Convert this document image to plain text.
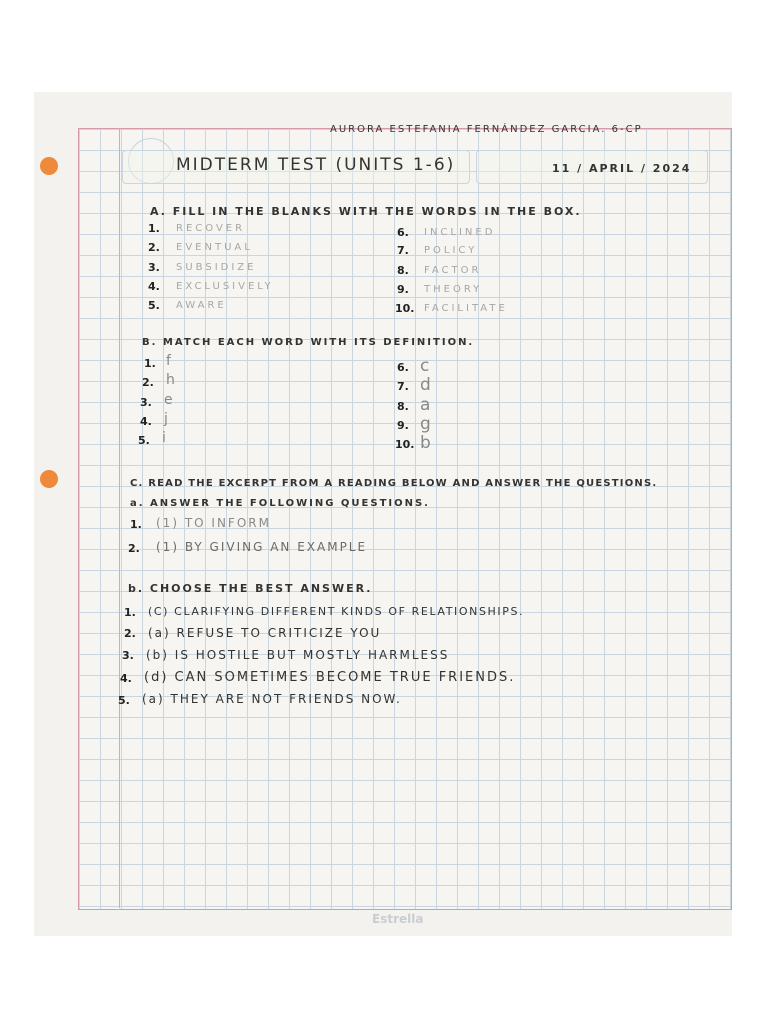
AURORA ESTEFANIA FERNÁNDEZ GARCIA. 6-CP
MIDTERM TEST (UNITS 1-6)	11 / APRIL / 2024
A. FILL IN THE BLANKS WITH THE WORDS IN THE BOX.
1. RECOVER
2. EVENTUAL
3. SUBSIDIZE
4. EXCLUSIVELY
5. AWARE
6. INCLINED
7. POLICY
8. FACTOR
9. THEORY
10. FACILITATE
B. MATCH EACH WORD WITH ITS DEFINITION.
1. f
2. h
3. e
4. j
5. i
6. c
7. d
8. a
9. g
10. b
C. READ THE EXCERPT FROM A READING BELOW AND ANSWER THE QUESTIONS.
a. ANSWER THE FOLLOWING QUESTIONS.
1. (1) TO INFORM
2. (1) BY GIVING AN EXAMPLE
b. CHOOSE THE BEST ANSWER.
1. (C) CLARIFYING DIFFERENT KINDS OF RELATIONSHIPS.
2. (a) REFUSE TO CRITICIZE YOU
3. (b) IS HOSTILE BUT MOSTLY HARMLESS
4. (d) CAN SOMETIMES BECOME TRUE FRIENDS.
5. (a) THEY ARE NOT FRIENDS NOW.
Estrella
